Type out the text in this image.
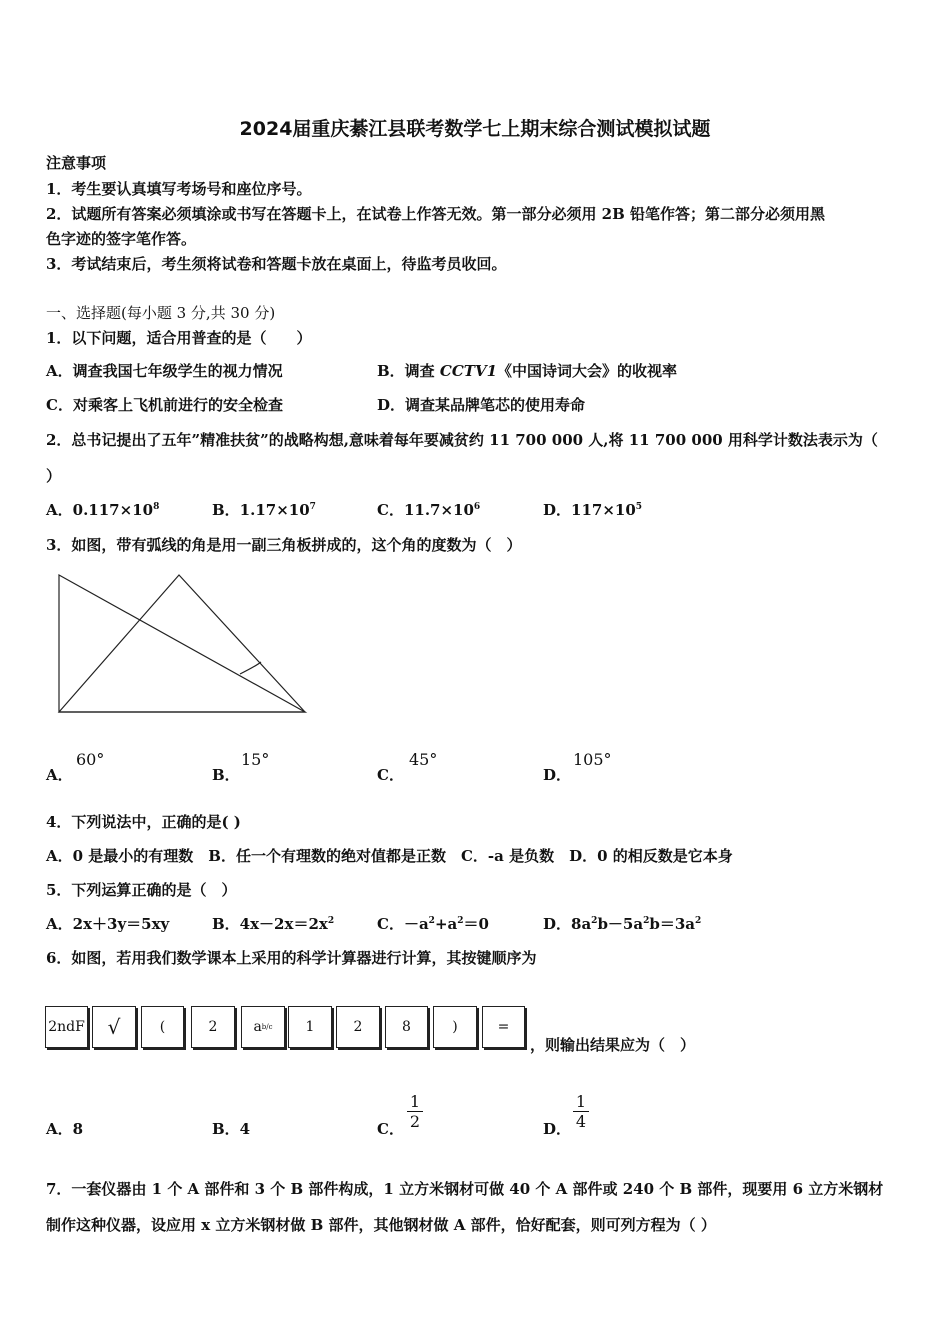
2024届重庆綦江县联考数学七上期末综合测试模拟试题
注意事项
1．考生要认真填写考场号和座位序号。
2．试题所有答案必须填涂或书写在答题卡上，在试卷上作答无效。第一部分必须用 2B 铅笔作答；第二部分必须用黑
色字迹的签字笔作答。
3．考试结束后，考生须将试卷和答题卡放在桌面上，待监考员收回。
一、选择题(每小题 3 分,共 30 分)
1．以下问题，适合用普查的是（　　）
A．调查我国七年级学生的视力情况	B．调查 CCTV1《中国诗词大会》的收视率
C．对乘客上飞机前进行的安全检查	D．调查某品牌笔芯的使用寿命
2．总书记提出了五年”精准扶贫”的战略构想,意味着每年要减贫约 11 700 000 人,将 11 700 000 用科学计数法表示为（
）
A．$0.117\times 10^8$	B．$1.17\times 10^7$	C．$11.7\times 10^6$	D．$117\times 10^5$
3．如图，带有弧线的角是用一副三角板拼成的，这个角的度数为（　）
A．
60°
B．
15°
C．
45°
D．
105°
4．下列说法中，正确的是( )
A．0 是最小的有理数　B．任一个有理数的绝对值都是正数　C．-a 是负数　D．0 的相反数是它本身
5．下列运算正确的是（　）
A．2x＋3y＝5xy	B．$4x-2x=2x^2$	C．$-a^2+a^2=0$	D．$8a^2b-5a^2b=3a^2$
6．如图，若用我们数学课本上采用的科学计算器进行计算，其按键顺序为
2ndF	√	(	2	a b/c	1	2	8	)	=
，则输出结果应为（　）
A．8	B．4	C． $\frac{1}{2}$	D． $\frac{1}{4}$
7．一套仪器由 1 个 A 部件和 3 个 B 部件构成，1 立方米钢材可做 40 个 A 部件或 240 个 B 部件，现要用 6 立方米钢材
制作这种仪器，设应用 x 立方米钢材做 B 部件，其他钢材做 A 部件，恰好配套，则可列方程为（ ）
